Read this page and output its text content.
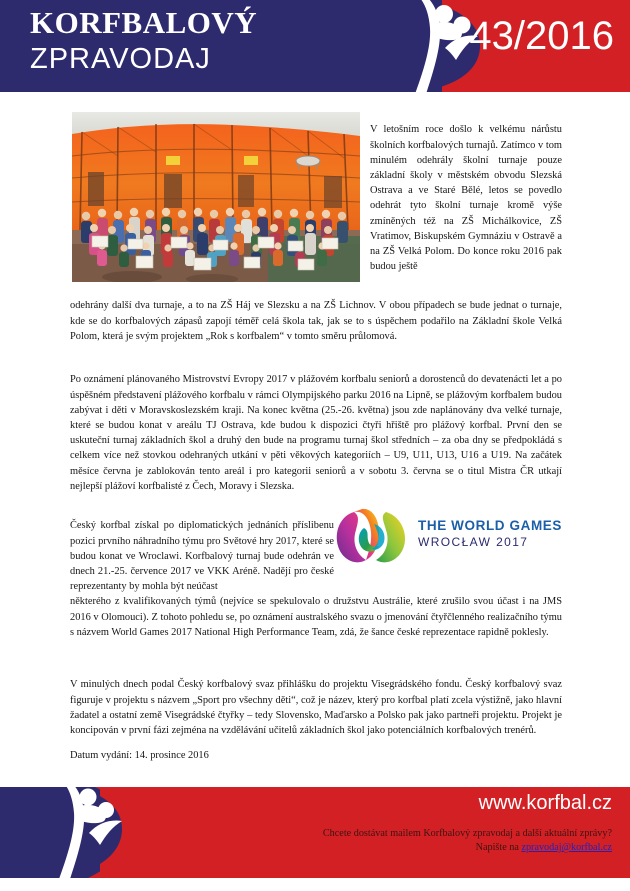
KORFBALOVÝ
ZPRAVODAJ
43/2016

V letošním roce došlo k velkému nárůstu školních korfbalových turnajů. Zatímco v tom minulém odehrály školní turnaje pouze základní školy v městském obvodu Slezská Ostrava a ve Staré Bělé, letos se povedlo odehrát tyto školní turnaje kromě výše zmíněných též na ZŠ Michálkovice, ZŠ Vratimov, Biskupském Gymnáziu v Ostravě a na ZŠ Velká Polom. Do konce roku 2016 pak budou ještě

odehrány další dva turnaje, a to na ZŠ Háj ve Slezsku a na ZŠ Lichnov. V obou případech se bude jednat o turnaje, kde se do korfbalových zápasů zapojí téměř celá škola tak, jak se to s úspěchem podařilo na Základní škole Velká Polom, která je svým projektem „Rok s korfbalem“ v tomto směru průlomová.

Po oznámení plánovaného Mistrovství Evropy 2017 v plážovém korfbalu seniorů a dorostenců do devatenácti let a po úspěšném představení plážového korfbalu v rámci Olympijského parku 2016 na Lipně, se plážovým korfbalem budou zabývat i děti v Moravskoslezském kraji. Na konec května (25.-26. května) jsou zde naplánovány dva velké turnaje, které se budou konat v areálu TJ Ostrava, kde budou k dispozici čtyři hřiště pro plážový korfbal. První den se uskuteční turnaj základních škol a druhý den bude na programu turnaj škol středních – za oba dny se předpokládá s celkem více než stovkou odehraných utkání v pěti věkových kategoriích – U9, U11, U13, U16 a U19. Na začátek měsíce června je zablokován tento areál i pro kategorii seniorů a v sobotu 3. června se o titul Mistra ČR utkají nejlepší plážoví korfbalisté z Čech, Moravy i Slezska.

THE WORLD GAMES
WROCŁAW 2017

Český korfbal získal po diplomatických jednáních příslibenu pozici prvního náhradního týmu pro Světové hry 2017, které se budou konat ve Wroclawi. Korfbalový turnaj bude odehrán ve dnech 21.-25. července 2017 ve VKK Aréně. Nadějí pro české reprezentanty by mohla být neúčast

některého z kvalifikovaných týmů (nejvíce se spekulovalo o družstvu Austrálie, které zrušilo svou účast i na JMS 2016 v Olomouci). Z tohoto pohledu se, po oznámení australského svazu o jmenování čtyřčlenného realizačního týmu s názvem World Games 2017 National High Performance Team, zdá, že šance české reprezentace rapidně poklesly.

V minulých dnech podal Český korfbalový svaz přihlášku do projektu Visegrádského fondu. Český korfbalový svaz figuruje v projektu s názvem „Sport pro všechny děti“, což je název, který pro korfbal platí zcela výstižně, jako hlavní žadatel a ostatní země Visegrádské čtyřky – tedy Slovensko, Maďarsko a Polsko pak jako partneři projektu. Projekt je koncipován v první fázi zejména na vzdělávání učitelů základních škol jako potenciálních korfbalových trenérů.

Datum vydání: 14. prosince 2016
www.korfbal.cz
Chcete dostávat mailem Korfbalový zpravodaj a další aktuální zprávy?
Napište na zpravodaj@korfbal.cz
